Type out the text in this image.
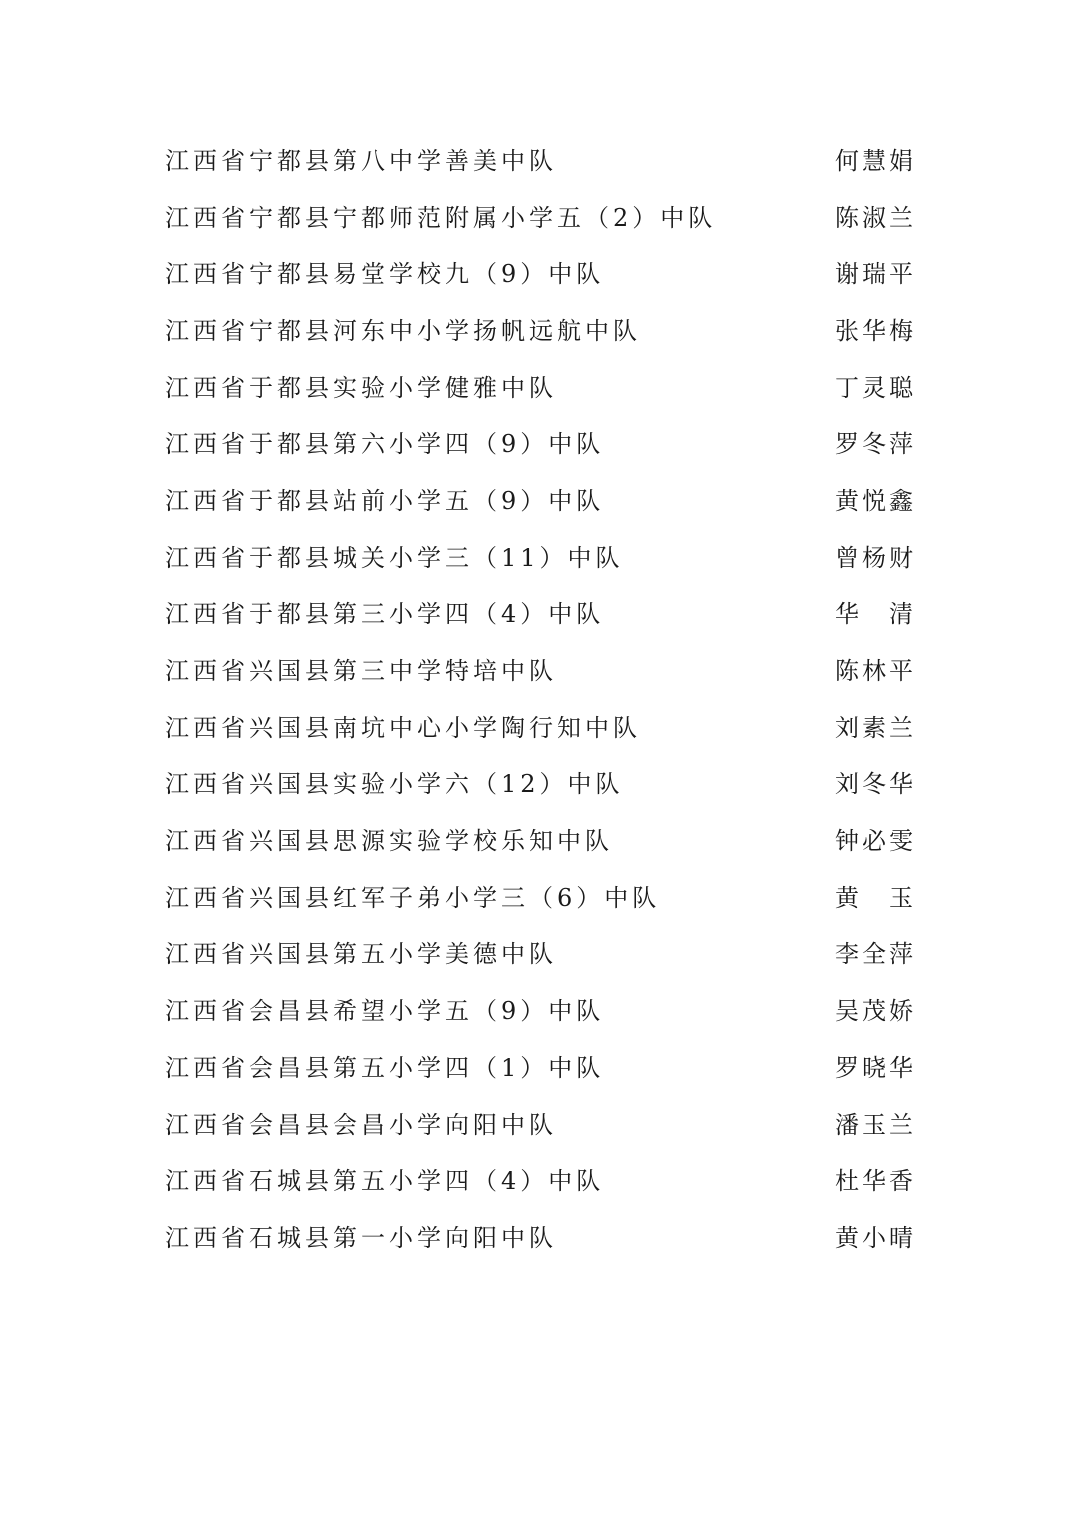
江西省宁都县第八中学善美中队	何慧娟
江西省宁都县宁都师范附属小学五（2）中队	陈淑兰
江西省宁都县易堂学校九（9）中队	谢瑞平
江西省宁都县河东中小学扬帆远航中队	张华梅
江西省于都县实验小学健雅中队	丁灵聪
江西省于都县第六小学四（9）中队	罗冬萍
江西省于都县站前小学五（9）中队	黄悦鑫
江西省于都县城关小学三（11）中队	曾杨财
江西省于都县第三小学四（4）中队	华 清
江西省兴国县第三中学特培中队	陈林平
江西省兴国县南坑中心小学陶行知中队	刘素兰
江西省兴国县实验小学六（12）中队	刘冬华
江西省兴国县思源实验学校乐知中队	钟必雯
江西省兴国县红军子弟小学三（6）中队	黄 玉
江西省兴国县第五小学美德中队	李全萍
江西省会昌县希望小学五（9）中队	吴茂娇
江西省会昌县第五小学四（1）中队	罗晓华
江西省会昌县会昌小学向阳中队	潘玉兰
江西省石城县第五小学四（4）中队	杜华香
江西省石城县第一小学向阳中队	黄小晴
